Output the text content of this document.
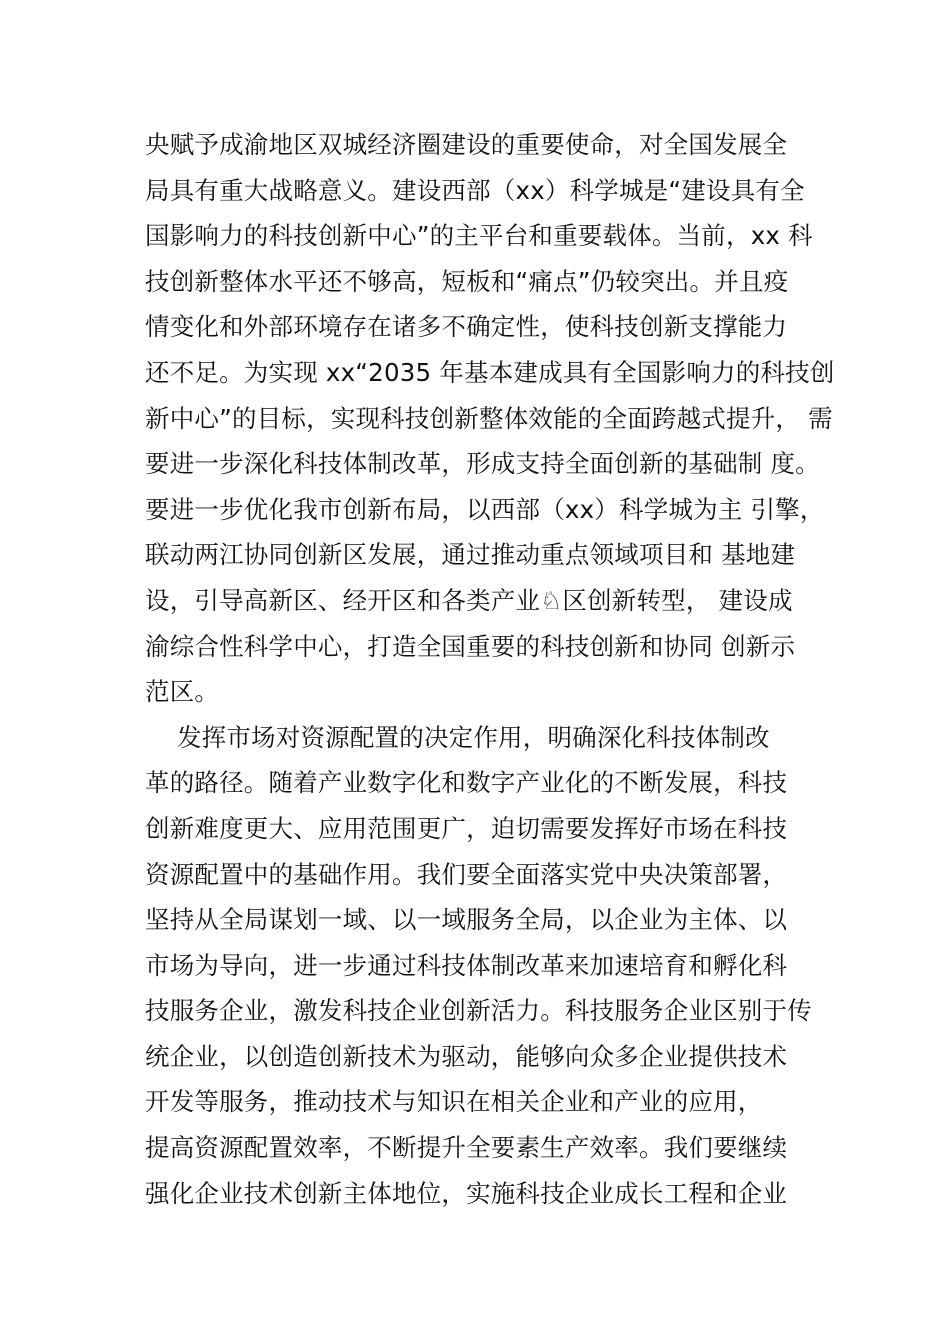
央赋予成渝地区双城经济圈建设的重要使命，对全国发展全
局具有重大战略意义。建设西部（xx）科学城是“建设具有全
国影响力的科技创新中心”的主平台和重要载体。当前，xx 科
技创新整体水平还不够高，短板和“痛点”仍较突出。并且疫
情变化和外部环境存在诸多不确定性，使科技创新支撑能力
还不足。为实现 xx“2035 年基本建成具有全国影响力的科技创
新中心”的目标，实现科技创新整体效能的全面跨越式提升， 需
要进一步深化科技体制改革，形成支持全面创新的基础制 度。
要进一步优化我市创新布局，以西部（xx）科学城为主 引擎，
联动两江协同创新区发展，通过推动重点领域项目和 基地建
设，引导高新区、经开区和各类产业♘区创新转型， 建设成
渝综合性科学中心，打造全国重要的科技创新和协同 创新示
范区。
发挥市场对资源配置的决定作用，明确深化科技体制改
革的路径。随着产业数字化和数字产业化的不断发展，科技
创新难度更大、应用范围更广，迫切需要发挥好市场在科技
资源配置中的基础作用。我们要全面落实党中央决策部署，
坚持从全局谋划一域、以一域服务全局，以企业为主体、以
市场为导向，进一步通过科技体制改革来加速培育和孵化科
技服务企业，激发科技企业创新活力。科技服务企业区别于传
统企业，以创造创新技术为驱动，能够向众多企业提供技术
开发等服务，推动技术与知识在相关企业和产业的应用，
提高资源配置效率，不断提升全要素生产效率。我们要继续
强化企业技术创新主体地位，实施科技企业成长工程和企业
